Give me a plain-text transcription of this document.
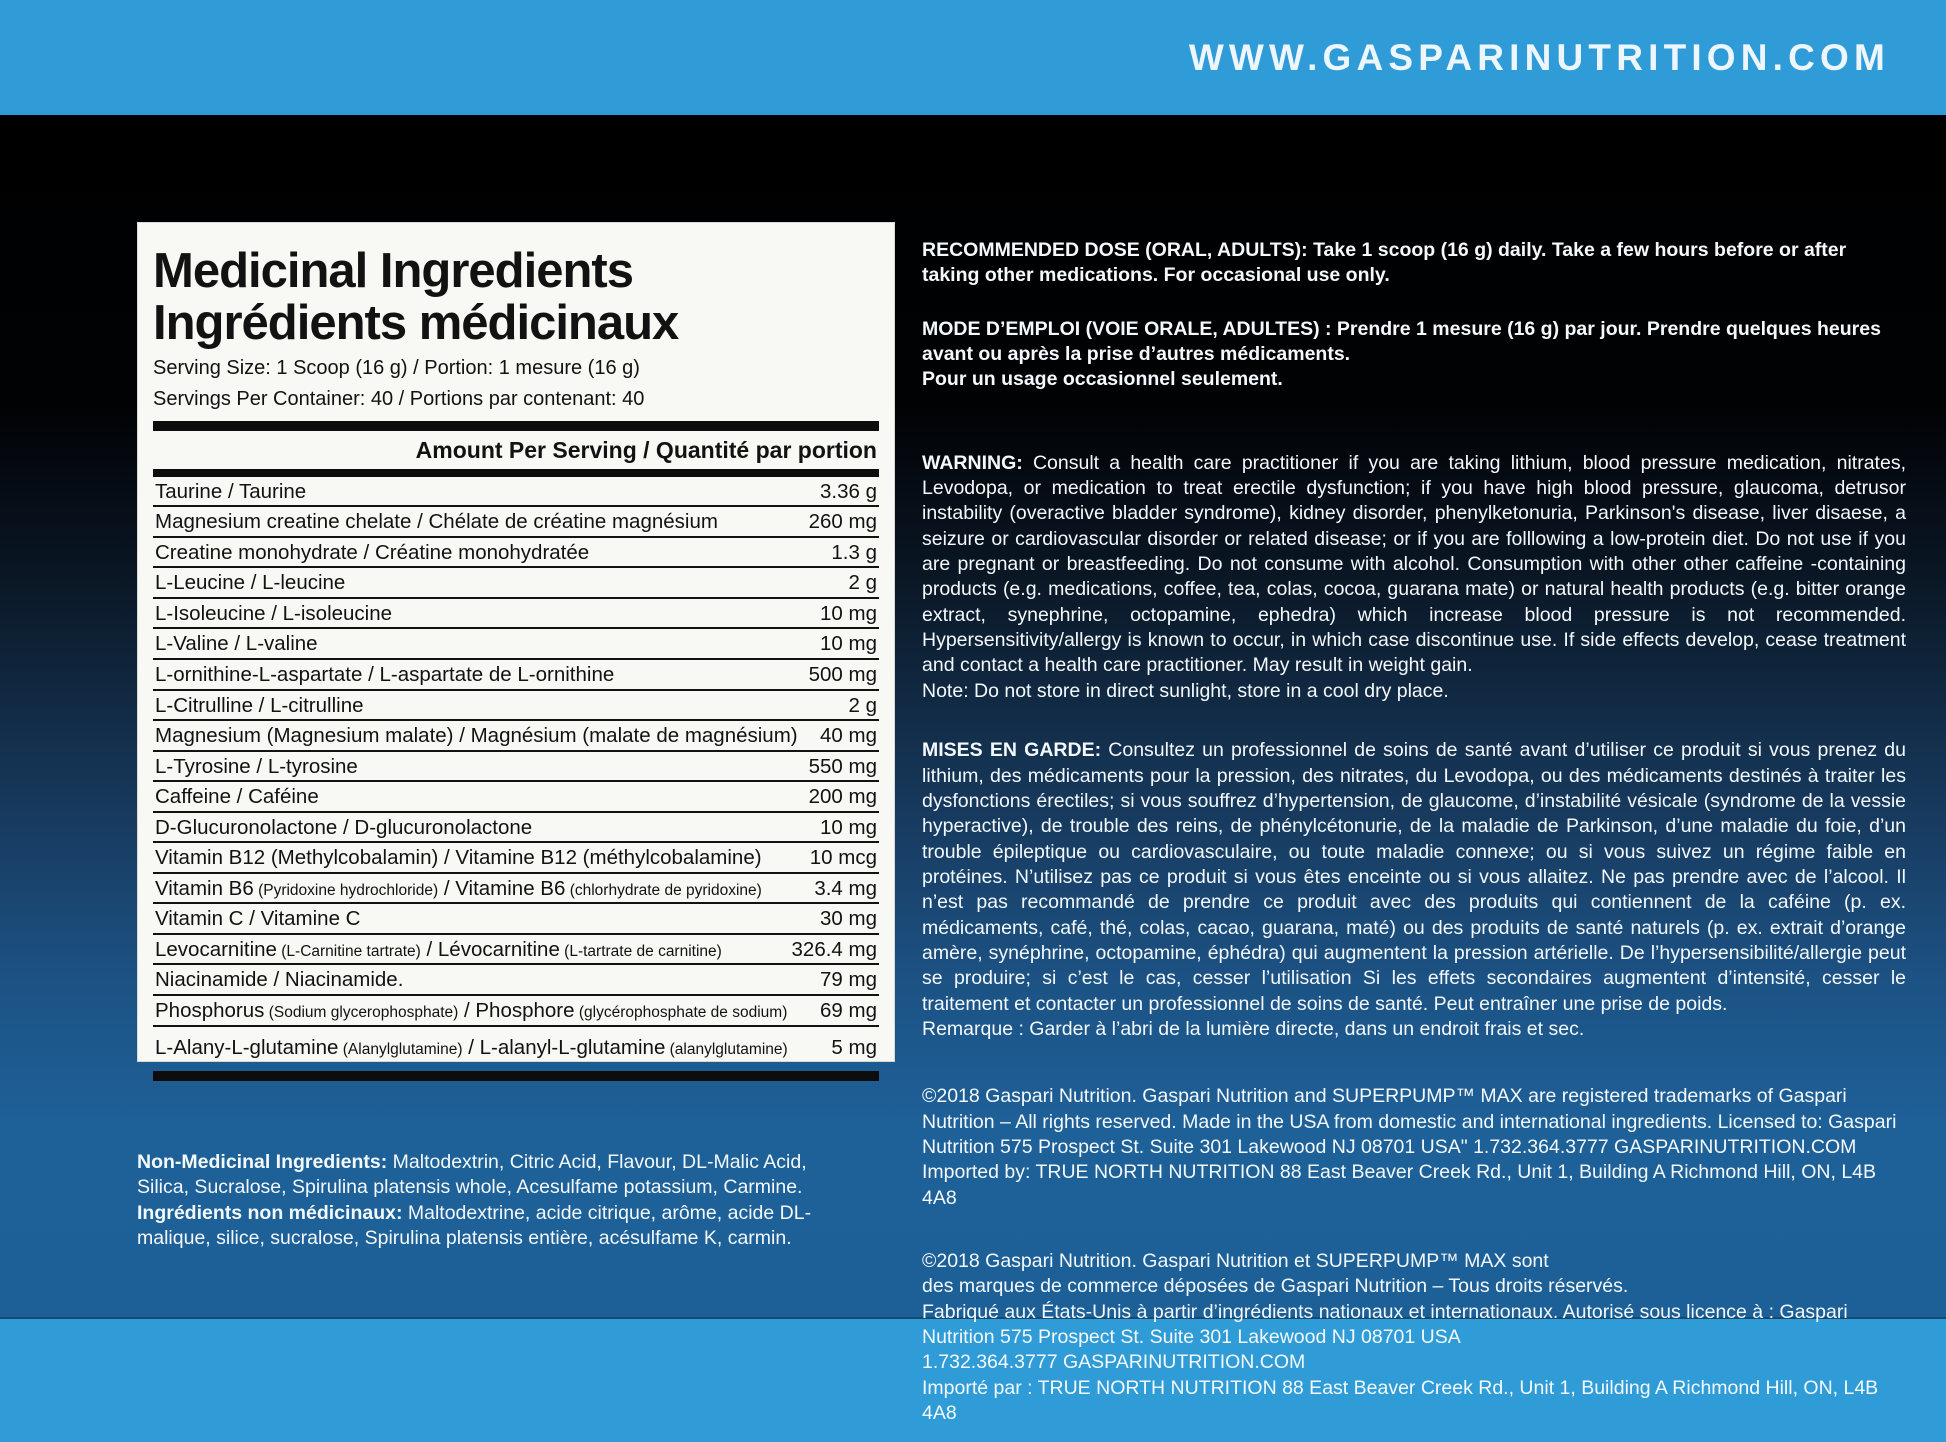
WWW.GASPARINUTRITION.COM
Medicinal Ingredients
Ingrédients médicinaux
Serving Size: 1 Scoop (16 g) / Portion: 1 mesure (16 g)
Servings Per Container: 40 / Portions par contenant: 40
Amount Per Serving / Quantité par portion
Taurine / Taurine	3.36 g
Magnesium creatine chelate / Chélate de créatine magnésium	260 mg
Creatine monohydrate / Créatine monohydratée	1.3 g
L-Leucine / L-leucine	2 g
L-Isoleucine / L-isoleucine	10 mg
L-Valine / L-valine	10 mg
L-ornithine-L-aspartate / L-aspartate de L-ornithine	500 mg
L-Citrulline / L-citrulline	2 g
Magnesium (Magnesium malate) / Magnésium (malate de magnésium)	40 mg
L-Tyrosine / L-tyrosine	550 mg
Caffeine / Caféine	200 mg
D-Glucuronolactone / D-glucuronolactone	10 mg
Vitamin B12 (Methylcobalamin) / Vitamine B12 (méthylcobalamine)	10 mcg
Vitamin B6 (Pyridoxine hydrochloride) / Vitamine B6 (chlorhydrate de pyridoxine)	3.4 mg
Vitamin C / Vitamine C	30 mg
Levocarnitine (L-Carnitine tartrate) / Lévocarnitine (L-tartrate de carnitine)	326.4 mg
Niacinamide / Niacinamide.	79 mg
Phosphorus (Sodium glycerophosphate) / Phosphore (glycérophosphate de sodium)	69 mg
L-Alany-L-glutamine (Alanylglutamine) / L-alanyl-L-glutamine (alanylglutamine)	5 mg
RECOMMENDED DOSE (ORAL, ADULTS): Take 1 scoop (16 g) daily. Take a few hours before or after taking other medications. For occasional use only.
MODE D’EMPLOI (VOIE ORALE, ADULTES) : Prendre 1 mesure (16 g) par jour. Prendre quelques heures avant ou après la prise d’autres médicaments.
Pour un usage occasionnel seulement.
WARNING: Consult a health care practitioner if you are taking lithium, blood pressure medication, nitrates, Levodopa, or medication to treat erectile dysfunction; if you have high blood pressure, glaucoma, detrusor instability (overactive bladder syndrome), kidney disorder, phenylketonuria, Parkinson's disease, liver disaese, a seizure or cardiovascular disorder or related disease; or if you are folllowing a low-protein diet. Do not use if you are pregnant or breastfeeding. Do not consume with alcohol. Consumption with other other caffeine -containing products (e.g. medications, coffee, tea, colas, cocoa, guarana mate) or natural health products (e.g. bitter orange extract, synephrine, octopamine, ephedra) which increase blood pressure is not recommended. Hypersensitivity/allergy is known to occur, in which case discontinue use. If side effects develop, cease treatment and contact a health care practitioner. May result in weight gain.
Note: Do not store in direct sunlight, store in a cool dry place.
MISES EN GARDE: Consultez un professionnel de soins de santé avant d’utiliser ce produit si vous prenez du lithium, des médicaments pour la pression, des nitrates, du Levodopa, ou des médicaments destinés à traiter les dysfonctions érectiles; si vous souffrez d’hypertension, de glaucome, d’instabilité vésicale (syndrome de la vessie hyperactive), de trouble des reins, de phénylcétonurie, de la maladie de Parkinson, d’une maladie du foie, d’un trouble épileptique ou cardiovasculaire, ou toute maladie connexe; ou si vous suivez un régime faible en protéines. N’utilisez pas ce produit si vous êtes enceinte ou si vous allaitez. Ne pas prendre avec de l’alcool. Il n’est pas recommandé de prendre ce produit avec des produits qui contiennent de la caféine (p. ex. médicaments, café, thé, colas, cacao, guarana, maté) ou des produits de santé naturels (p. ex. extrait d’orange amère, synéphrine, octopamine, éphédra) qui augmentent la pression artérielle. De l’hypersensibilité/allergie peut se produire; si c’est le cas, cesser l’utilisation Si les effets secondaires augmentent d’intensité, cesser le traitement et contacter un professionnel de soins de santé. Peut entraîner une prise de poids.
Remarque : Garder à l’abri de la lumière directe, dans un endroit frais et sec.
©2018 Gaspari Nutrition. Gaspari Nutrition and SUPERPUMP™ MAX are registered trademarks of Gaspari
Nutrition – All rights reserved. Made in the USA from domestic and international ingredients. Licensed to: Gaspari
Nutrition 575 Prospect St. Suite 301 Lakewood NJ 08701 USA" 1.732.364.3777 GASPARINUTRITION.COM
Imported by: TRUE NORTH NUTRITION 88 East Beaver Creek Rd., Unit 1, Building A Richmond Hill, ON, L4B 4A8
©2018 Gaspari Nutrition. Gaspari Nutrition et SUPERPUMP™ MAX sont
des marques de commerce déposées de Gaspari Nutrition – Tous droits réservés.
Fabriqué aux États-Unis à partir d’ingrédients nationaux et internationaux. Autorisé sous licence à : Gaspari
Nutrition 575 Prospect St. Suite 301 Lakewood NJ 08701 USA
1.732.364.3777 GASPARINUTRITION.COM
Importé par : TRUE NORTH NUTRITION 88 East Beaver Creek Rd., Unit 1, Building A Richmond Hill, ON, L4B 4A8
Non-Medicinal Ingredients: Maltodextrin, Citric Acid, Flavour, DL-Malic Acid, Silica, Sucralose, Spirulina platensis whole, Acesulfame potassium, Carmine.
Ingrédients non médicinaux: Maltodextrine, acide citrique, arôme, acide DL-malique, silice, sucralose, Spirulina platensis entière, acésulfame K, carmin.
